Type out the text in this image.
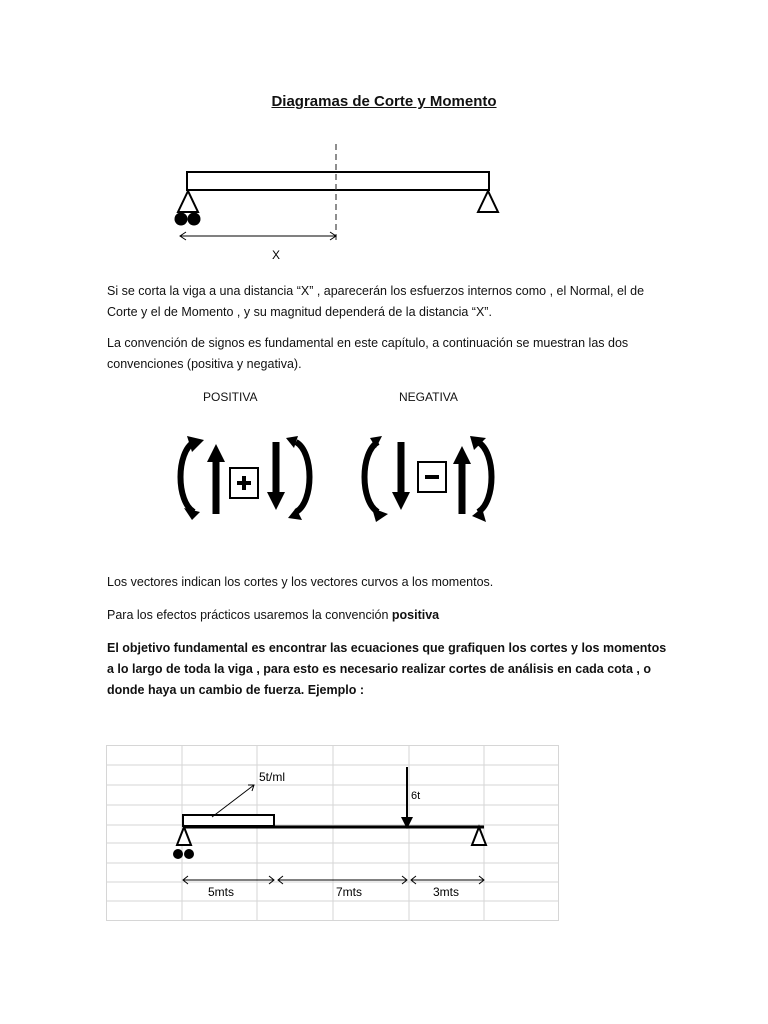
Diagramas de Corte y Momento
X
Si se corta la viga a una distancia “X” , aparecerán los esfuerzos internos como , el Normal, el de Corte y el de Momento , y su magnitud dependerá de la distancia “X”.
La convención de signos es fundamental en este capítulo, a continuación se muestran las dos convenciones (positiva y negativa).
POSITIVA	NEGATIVA
Los vectores indican los cortes y los vectores curvos a los momentos.
Para los efectos prácticos usaremos la convención positiva
El objetivo fundamental es encontrar las ecuaciones que grafiquen los cortes y los momentos a lo largo de toda la viga , para esto es necesario realizar cortes de análisis en cada cota , o donde haya un cambio de fuerza. Ejemplo :
5t/ml
6t
5mts	7mts	3mts
